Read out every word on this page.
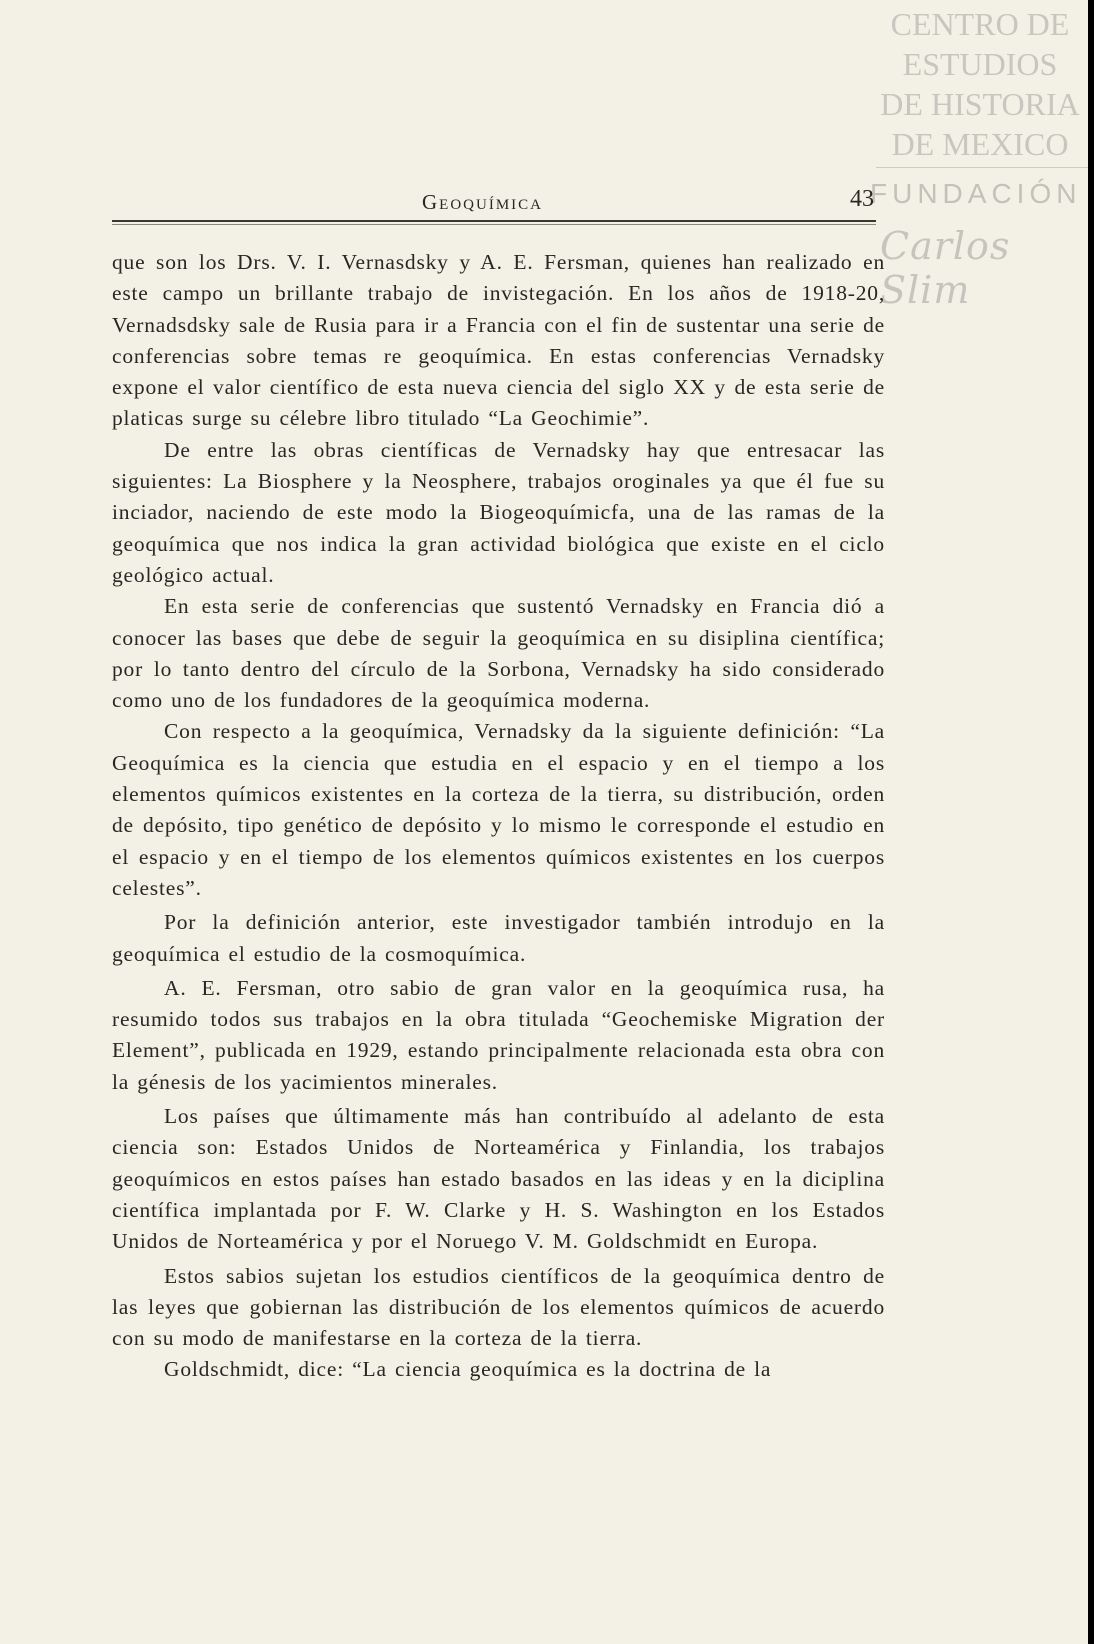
CENTRO DE
ESTUDIOS
DE HISTORIA
DE MEXICO
FUNDACIÓN
Carlos Slim
Geoquímica	43

que son los Drs. V. I. Vernasdsky y A. E. Fersman, quienes han realizado en este campo un brillante trabajo de invistegación. En los años de 1918-20, Vernadsdsky sale de Rusia para ir a Francia con el fin de sustentar una serie de conferencias sobre temas re geoquímica. En estas conferencias Vernadsky expone el valor científico de esta nueva ciencia del siglo XX y de esta serie de platicas surge su célebre libro titulado “La Geochimie”.

De entre las obras científicas de Vernadsky hay que entresacar las siguientes: La Biosphere y la Neosphere, trabajos oroginales ya que él fue su inciador, naciendo de este modo la Biogeoquímicfa, una de las ramas de la geoquímica que nos indica la gran actividad biológica que existe en el ciclo geológico actual.

En esta serie de conferencias que sustentó Vernadsky en Francia dió a conocer las bases que debe de seguir la geoquímica en su disiplina científica; por lo tanto dentro del círculo de la Sorbona, Vernadsky ha sido considerado como uno de los fundadores de la geoquímica moderna.

Con respecto a la geoquímica, Vernadsky da la siguiente definición: “La Geoquímica es la ciencia que estudia en el espacio y en el tiempo a los elementos químicos existentes en la corteza de la tierra, su distribución, orden de depósito, tipo genético de depósito y lo mismo le corresponde el estudio en el espacio y en el tiempo de los elementos químicos existentes en los cuerpos celestes”.

Por la definición anterior, este investigador también introdujo en la geoquímica el estudio de la cosmoquímica.

A. E. Fersman, otro sabio de gran valor en la geoquímica rusa, ha resumido todos sus trabajos en la obra titulada “Geochemiske Migration der Element”, publicada en 1929, estando principalmente relacionada esta obra con la génesis de los yacimientos minerales.

Los países que últimamente más han contribuído al adelanto de esta ciencia son: Estados Unidos de Norteamérica y Finlandia, los trabajos geoquímicos en estos países han estado basados en las ideas y en la diciplina científica implantada por F. W. Clarke y H. S. Washington en los Estados Unidos de Norteamérica y por el Noruego V. M. Goldschmidt en Europa.

Estos sabios sujetan los estudios científicos de la geoquímica dentro de las leyes que gobiernan las distribución de los elementos químicos de acuerdo con su modo de manifestarse en la corteza de la tierra.

Goldschmidt, dice: “La ciencia geoquímica es la doctrina de la
